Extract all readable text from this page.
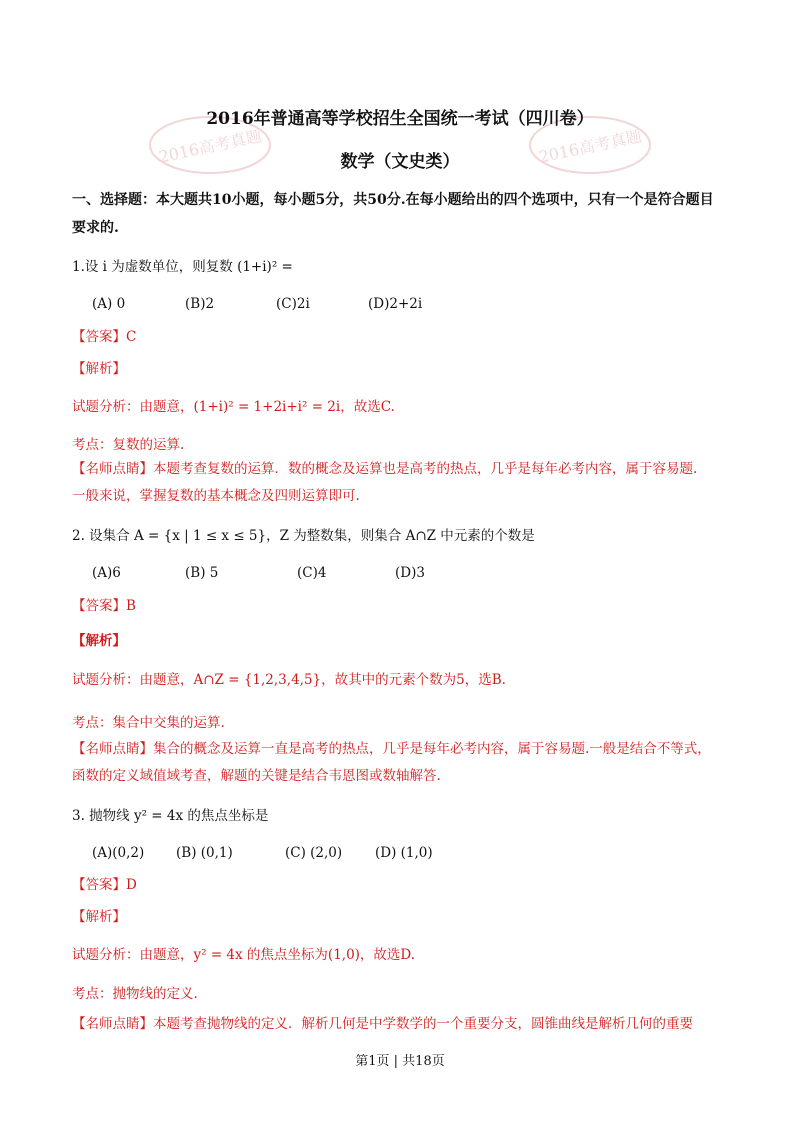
2016高考真题	2016高考真题
2016年普通高等学校招生全国统一考试（四川卷）
数学（文史类）
一、选择题：本大题共10小题，每小题5分，共50分.在每小题给出的四个选项中，只有一个是符合题目
要求的.
1.设 i 为虚数单位，则复数 (1+i)² =
(A) 0	(B)2	(C)2i	(D)2+2i
【答案】C
【解析】
试题分析：由题意，(1+i)² = 1+2i+i² = 2i，故选C.
考点：复数的运算.
【名师点睛】本题考查复数的运算．数的概念及运算也是高考的热点，几乎是每年必考内容，属于容易题.
一般来说，掌握复数的基本概念及四则运算即可.
2. 设集合 A = {x | 1 ≤ x ≤ 5}，Z 为整数集，则集合 A∩Z 中元素的个数是
(A)6	(B) 5	(C)4	(D)3
【答案】B
【解析】
试题分析：由题意，A∩Z = {1,2,3,4,5}，故其中的元素个数为5，选B.
考点：集合中交集的运算.
【名师点睛】集合的概念及运算一直是高考的热点，几乎是每年必考内容，属于容易题.一般是结合不等式，
函数的定义域值域考查，解题的关键是结合韦恩图或数轴解答.
3. 抛物线 y² = 4x 的焦点坐标是
(A)(0,2) (B) (0,1)	(C) (2,0) (D) (1,0)
【答案】D
【解析】
试题分析：由题意，y² = 4x 的焦点坐标为(1,0)，故选D.
考点：抛物线的定义.
【名师点睛】本题考查抛物线的定义．解析几何是中学数学的一个重要分支，圆锥曲线是解析几何的重要
第1页 | 共18页
